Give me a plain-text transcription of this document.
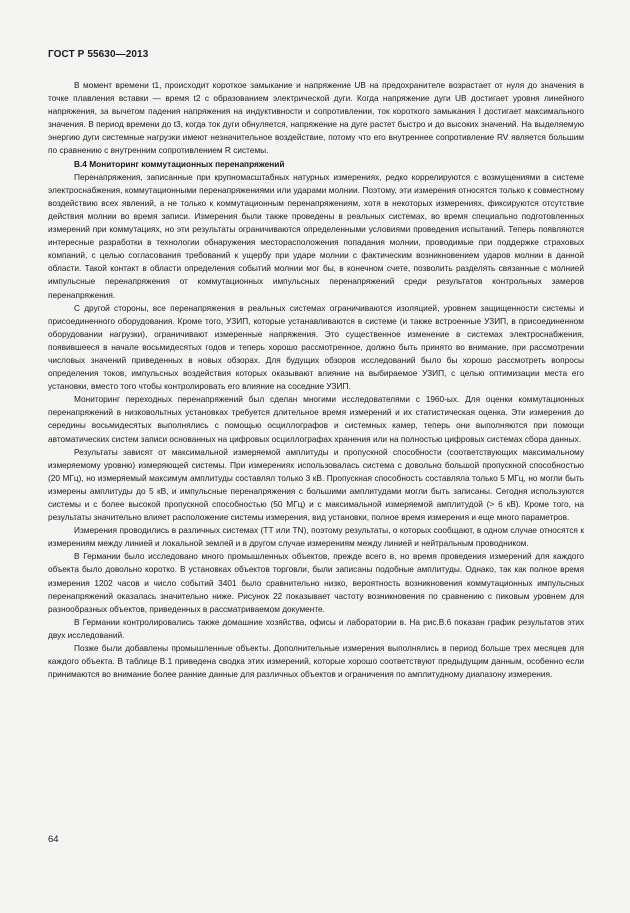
ГОСТ Р 55630—2013

В момент времени t1, происходит короткое замыкание и напряжение UВ на предохранителе возрастает от нуля до значения в точке плавления вставки — время t2 с образованием электрической дуги. Когда напряжение дуги UВ достигает уровня линейного напряжения, за вычетом падения напряжения на индуктивности и сопротивлении, ток короткого замыкания I достигает максимального значения. В период времени до t3, когда ток дуги обнуляется, напряжение на дуге растет быстро и до высоких значений. На выделяемую энергию дуги системные нагрузки имеют незначительное воздействие, потому что его внутреннее сопротивление RV является большим по сравнению с внутренним сопротивлением R системы.

В.4 Мониторинг коммутационных перенапряжений

Перенапряжения, записанные при крупномасштабных натурных измерениях, редко коррелируются с возмущениями в системе электроснабжения, коммутационными перенапряжениями или ударами молнии. Поэтому, эти измерения относятся только к совместному воздействию всех явлений, а не только к коммутационным перенапряжениям, хотя в некоторых измерениях, фиксируются отсутствие действия молнии во время записи. Измерения были также проведены в реальных системах, во время специально подготовленных измерений при коммутациях, но эти результаты ограничиваются определенными условиями проведения испытаний. Теперь появляются интересные разработки в технологии обнаружения месторасположения попадания молнии, проводимые при поддержке страховых компаний, с целью согласования требований к ущербу при ударе молнии с фактическим возникновением ударов молнии в данной области. Такой контакт в области определения событий молнии мог бы, в конечном счете, позволить разделять связанные с молнией импульсные перенапряжения от коммутационных импульсных перенапряжений среди результатов контрольных замеров перенапряжения.

С другой стороны, все перенапряжения в реальных системах ограничиваются изоляцией, уровнем защищенности системы и присоединенного оборудования. Кроме того, УЗИП, которые устанавливаются в системе (и также встроенные УЗИП, в присоединенном оборудовании нагрузки), ограничивают измеренные напряжения. Это существенное изменение в системах электроснабжения, появившееся в начале восьмидесятых годов и теперь хорошо рассмотренное, должно быть принято во внимание, при рассмотрении числовых значений приведенных в новых обзорах. Для будущих обзоров исследований было бы хорошо рассмотреть вопросы определения токов, импульсных воздействия которых оказывают влияние на выбираемое УЗИП, с целью оптимизации места его установки, вместо того чтобы контролировать его влияние на соседние УЗИП.

Мониторинг переходных перенапряжений был сделан многими исследователями с 1960-ых. Для оценки коммутационных перенапряжений в низковольтных установках требуется длительное время измерений и их статистическая оценка. Эти измерения до середины восьмидесятых выполнялись с помощью осциллографов и системных камер, теперь они выполняются при помощи автоматических систем записи основанных на цифровых осциллографах хранения или на полностью цифровых системах сбора данных.

Результаты зависят от максимальной измеряемой амплитуды и пропускной способности (соответствующих максимальному измеряемому уровню) измеряющей системы. При измерениях использовалась система с довольно большой пропускной способностью (20 МГц), но измеряемый максимум амплитуды составлял только 3 кВ. Пропускная способность составляла только 5 МГц, но могли быть измерены амплитуды до 5 кВ, и импульсные перенапряжения с большими амплитудами могли быть записаны. Сегодня используются системы и с более высокой пропускной способностью (50 МГц) и с максимальной измеряемой амплитудой (> 6 кВ). Кроме того, на результаты значительно влияет расположение системы измерения, вид установки, полное время измерения и еще много параметров.

Измерения проводились в различных системах (ТТ или TN), поэтому результаты, о которых сообщают, в одном случае относятся к измерениям между линией и локальной землей и в другом случае измерениям между линией и нейтральным проводником.

В Германии было исследовано много промышленных объектов, прежде всего в, но время проведения измерений для каждого объекта было довольно коротко. В установках объектов торговли, были записаны подобные амплитуды. Однако, так как полное время измерения 1202 часов и число событий 3401 было сравнительно низко, вероятность возникновения коммутационных импульсных перенапряжений оказалась значительно ниже. Рисунок 22 показывает частоту возникновения по сравнению с пиковым уровнем для разнообразных объектов, приведенных в рассматриваемом документе.

В Германии контролировались также домашние хозяйства, офисы и лаборатории в. На рис.В.6 показан график результатов этих двух исследований.

Позже были добавлены промышленные объекты. Дополнительные измерения выполнялись в период больше трех месяцев для каждого объекта. В таблице В.1 приведена сводка этих измерений, которые хорошо соответствуют предыдущим данным, особенно если принимаются во внимание более ранние данные для различных объектов и ограничения по амплитудному диапазону измерения.

64
